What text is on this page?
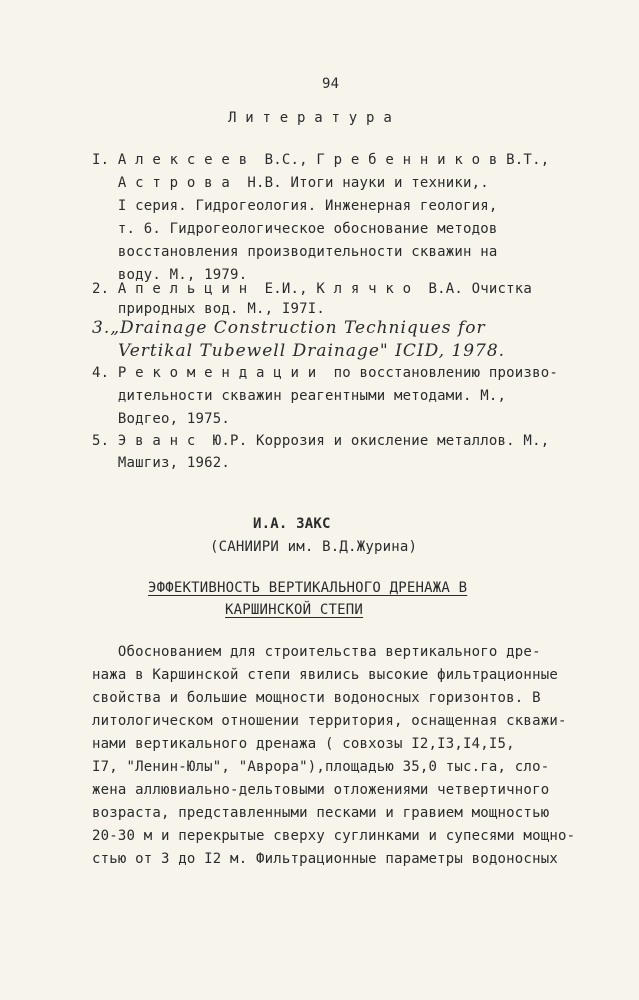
94
Л и т е р а т у р а
I. А л е к с е е в  В.С., Г р е б е н н и к о в В.Т.,
А с т р о в а  Н.В. Итоги науки и техники,.
I серия. Гидрогеология. Инженерная геология,
т. 6. Гидрогеологическое обоснование методов
восстановления производительности скважин на
воду. М., 1979.
2. А п е л ь ц и н  Е.И., К л я ч к о  В.А. Очистка
природных вод. М., I97I.
3.„Drainage Construction Techniques for
Vertikal Tubewell Drainage" ICID, 1978.
4. Р е к о м е н д а ц и и  по восстановлению произво-
дительности скважин реагентными методами. М.,
Водгео, 1975.
5. Э в а н с  Ю.Р. Коррозия и окисление металлов. М.,
Машгиз, 1962.
И.А. ЗАКС
(САНИИРИ им. В.Д.Журина)
ЭФФЕКТИВНОСТЬ ВЕРТИКАЛЬНОГО ДРЕНАЖА В
КАРШИНСКОЙ СТЕПИ
Обоснованием для строительства вертикального дре-
нажа в Каршинской степи явились высокие фильтрационные
свойства и большие мощности водоносных горизонтов. В
литологическом отношении территория, оснащенная скважи-
нами вертикального дренажа ( совхозы I2,I3,I4,I5,
I7, "Ленин-Юлы", "Аврора"),площадью 35,0 тыс.га, сло-
жена аллювиально-дельтовыми отложениями четвертичного
возраста, представленными песками и гравием мощностью
20-30 м и перекрытые сверху суглинками и супесями мощно-
стью от 3 до I2 м. Фильтрационные параметры водоносных
